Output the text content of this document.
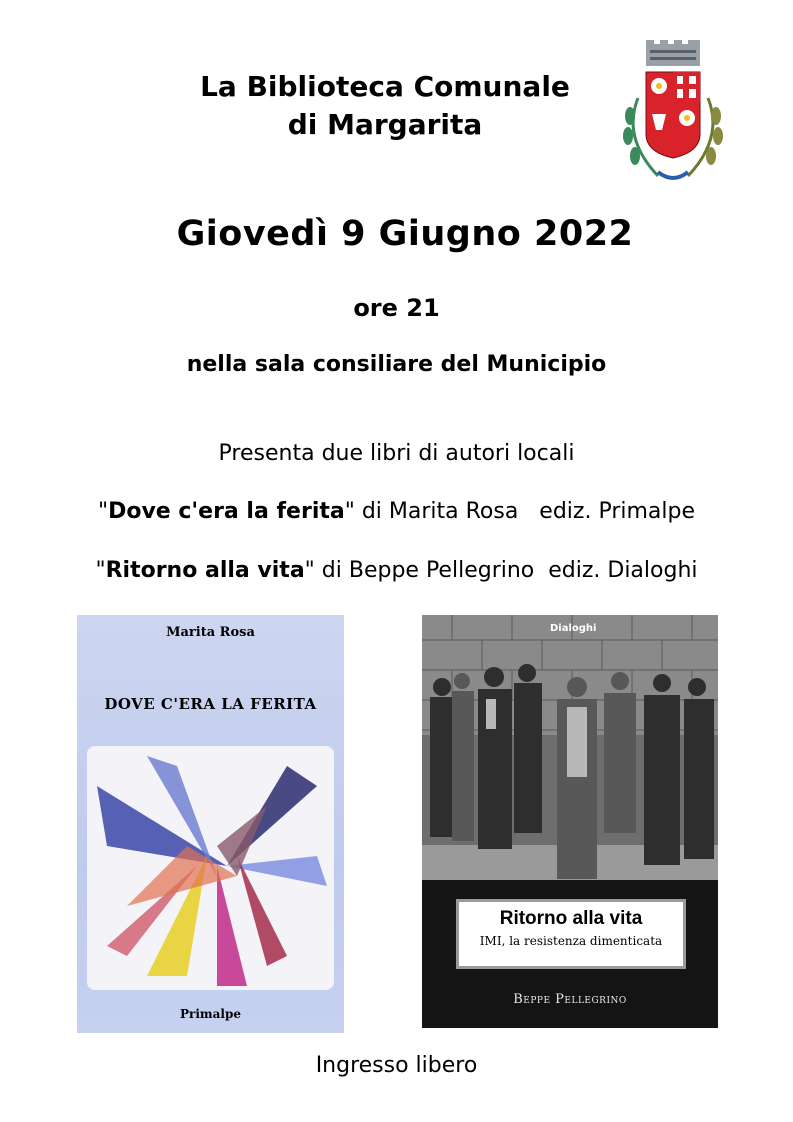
La Biblioteca Comunale
di Margarita
Giovedì 9 Giugno 2022
ore 21
nella sala consiliare del Municipio
Presenta due libri di autori locali
"Dove c'era la ferita" di Marita Rosa   ediz. Primalpe
"Ritorno alla vita" di Beppe Pellegrino  ediz. Dialoghi
Marita Rosa
DOVE C'ERA LA FERITA
Primalpe
Dialoghi
Ritorno alla vita
IMI, la resistenza dimenticata
Beppe Pellegrino
Ingresso libero
